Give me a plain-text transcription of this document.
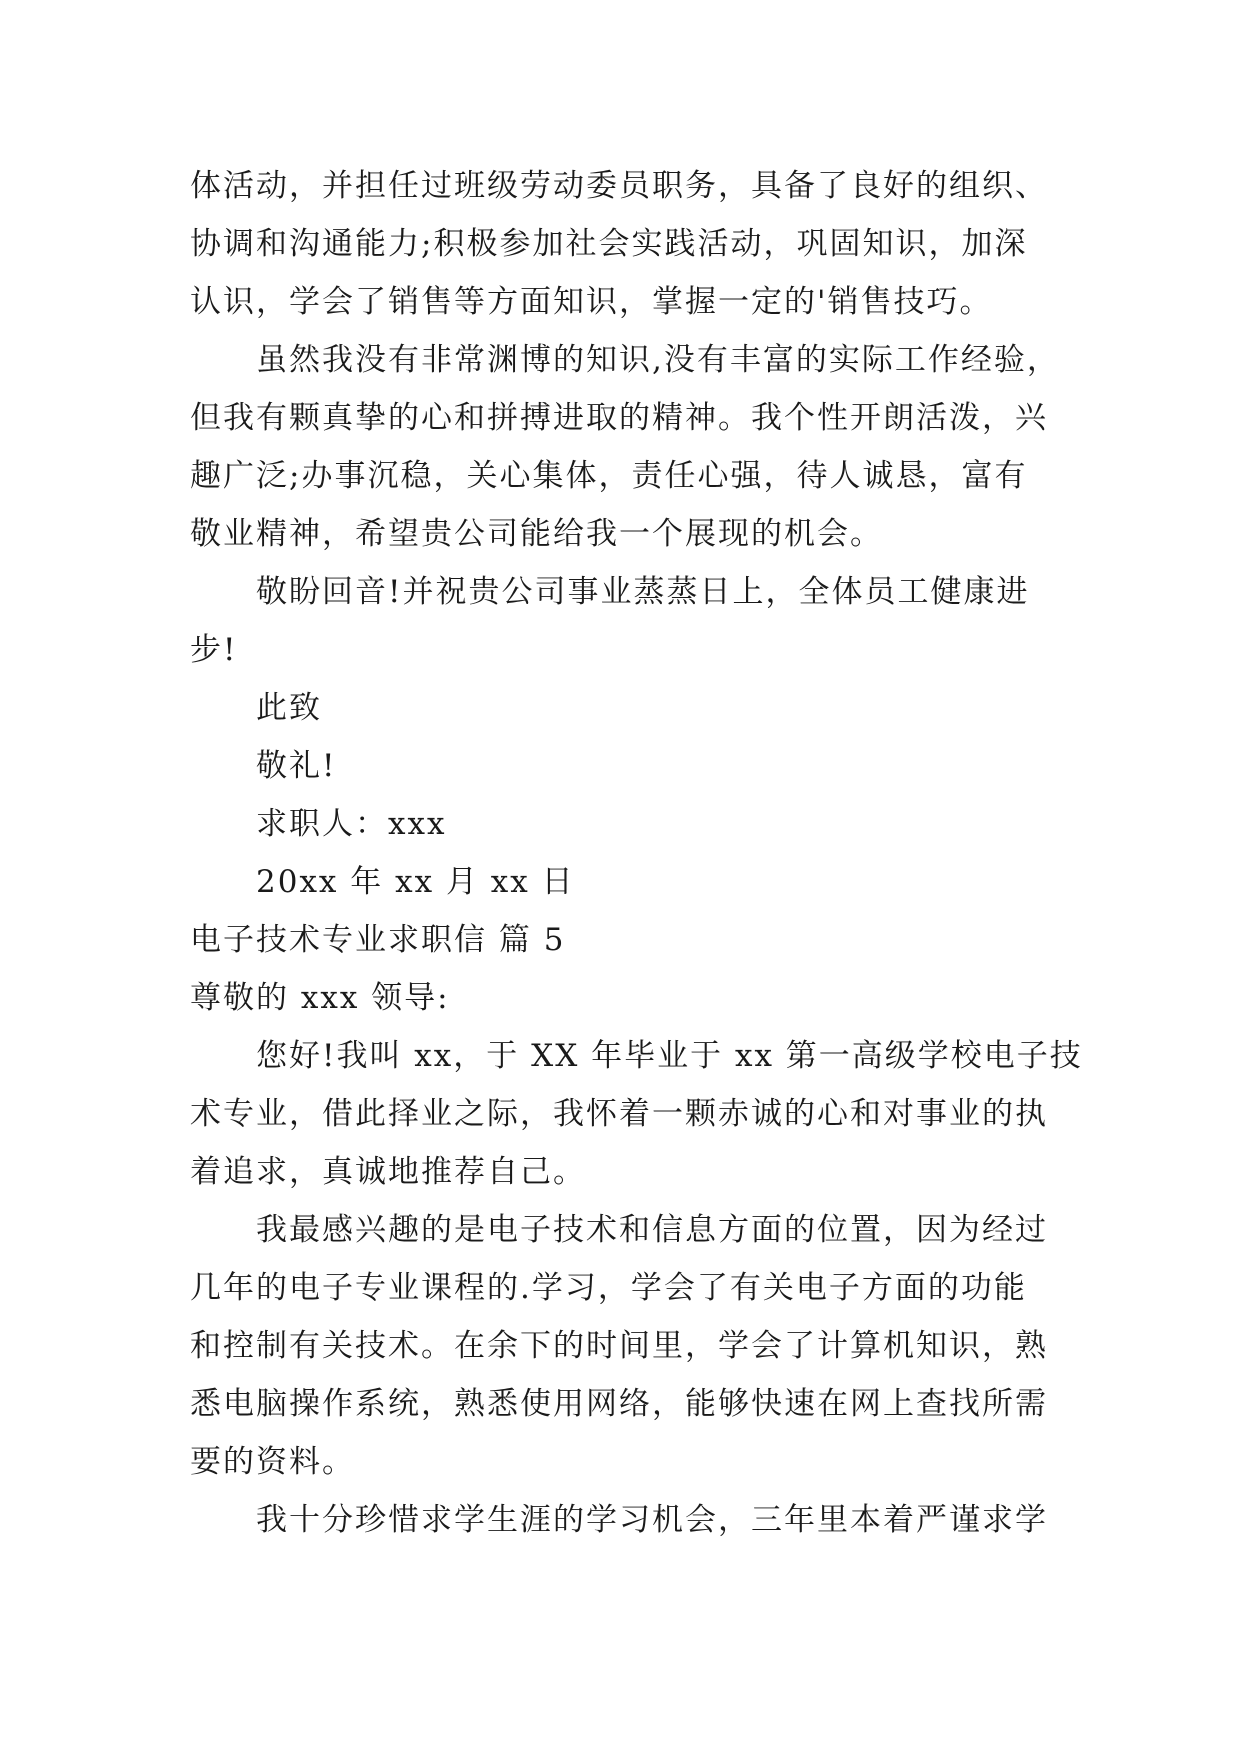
体活动，并担任过班级劳动委员职务，具备了良好的组织、
协调和沟通能力;积极参加社会实践活动，巩固知识，加深
认识，学会了销售等方面知识，掌握一定的'销售技巧。
虽然我没有非常渊博的知识,没有丰富的实际工作经验，
但我有颗真挚的心和拼搏进取的精神。我个性开朗活泼，兴
趣广泛;办事沉稳，关心集体，责任心强，待人诚恳，富有
敬业精神，希望贵公司能给我一个展现的机会。
敬盼回音!并祝贵公司事业蒸蒸日上，全体员工健康进
步!
此致
敬礼!
求职人：xxx
20xx 年 xx 月 xx 日
电子技术专业求职信 篇 5
尊敬的 xxx 领导:
您好!我叫 xx，于 XX 年毕业于 xx 第一高级学校电子技
术专业，借此择业之际，我怀着一颗赤诚的心和对事业的执
着追求，真诚地推荐自己。
我最感兴趣的是电子技术和信息方面的位置，因为经过
几年的电子专业课程的.学习，学会了有关电子方面的功能
和控制有关技术。在余下的时间里，学会了计算机知识，熟
悉电脑操作系统，熟悉使用网络，能够快速在网上查找所需
要的资料。
我十分珍惜求学生涯的学习机会，三年里本着严谨求学
